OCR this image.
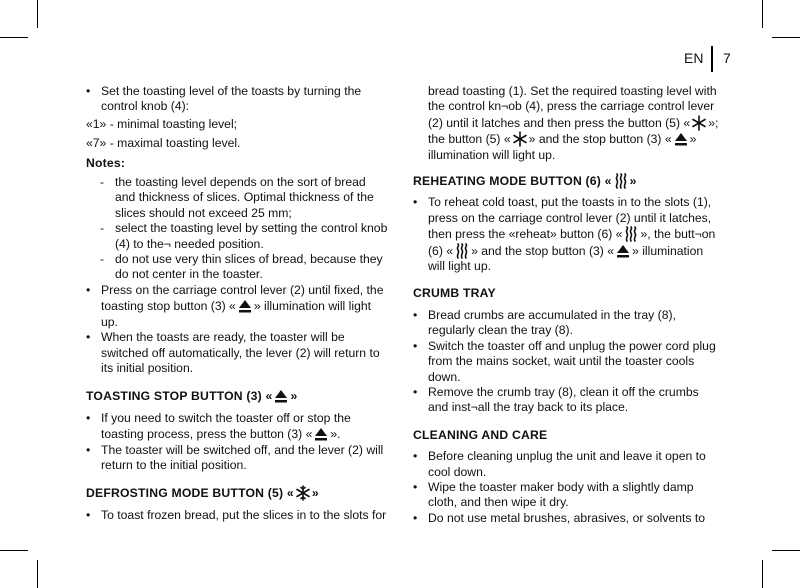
EN 7

• Set the toasting level of the toasts by turning the control knob (4):

«1» - minimal toasting level;

«7» - maximal toasting level.

Notes:

- the toasting level depends on the sort of bread and thickness of slices. Optimal thickness of the slices should not exceed 25 mm;

- select the toasting level by setting the control knob (4) to the¬ needed position.

- do not use very thin slices of bread, because they do not center in the toaster.

• Press on the carriage control lever (2) until fixed, the toasting stop button (3) « » illumination will light up.

• When the toasts are ready, the toaster will be switched off automatically, the lever (2) will return to its initial position.

TOASTING STOP BUTTON (3) « »

• If you need to switch the toaster off or stop the toasting process, press the button (3) « ».

• The toaster will be switched off, and the lever (2) will return to the initial position.

DEFROSTING MODE BUTTON (5) « »

• To toast frozen bread, put the slices in to the slots for

bread toasting (1). Set the required toasting level with the control kn¬ob (4), press the carriage control lever (2) until it latches and then press the button (5) « »; the button (5) « » and the stop button (3) « » illumination will light up.

REHEATING MODE BUTTON (6) « »

• To reheat cold toast, put the toasts in to the slots (1), press on the carriage control lever (2) until it latches, then press the «reheat» button (6) « », the butt¬on (6) « » and the stop button (3) « » illumination will light up.

CRUMB TRAY

• Bread crumbs are accumulated in the tray (8), regularly clean the tray (8).

• Switch the toaster off and unplug the power cord plug from the mains socket, wait until the toaster cools down.

• Remove the crumb tray (8), clean it off the crumbs and inst¬all the tray back to its place.

CLEANING AND CARE

• Before cleaning unplug the unit and leave it open to cool down.

• Wipe the toaster maker body with a slightly damp cloth, and then wipe it dry.

• Do not use metal brushes, abrasives, or solvents to
